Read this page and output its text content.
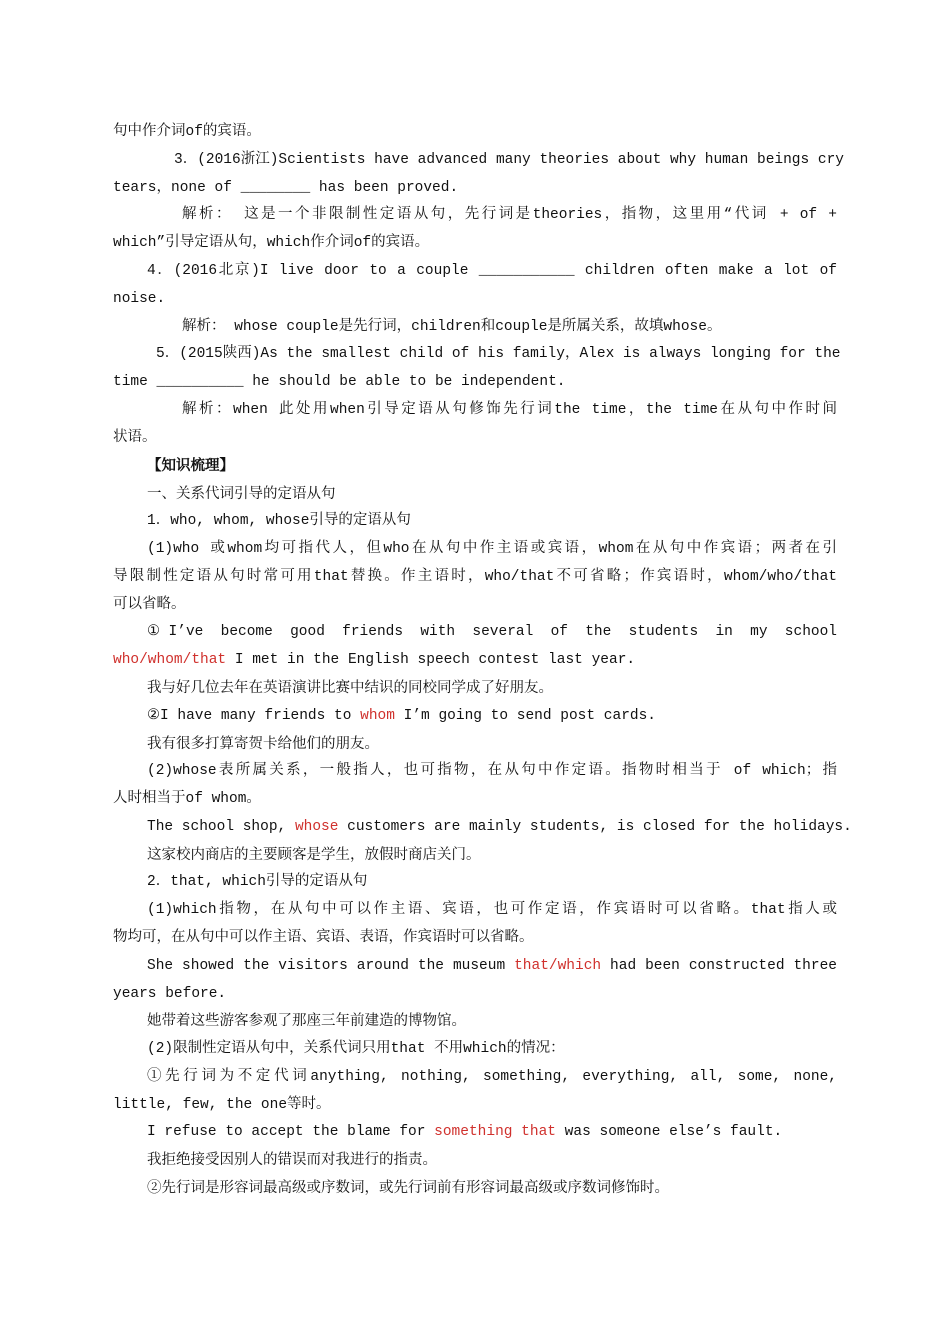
句中作介词of的宾语。
3．(2016浙江)Scientists have advanced many theories about why human beings cry
tears，none of ________ has been proved.
解析： 这是一个非限制性定语从句，先行词是theories，指物，这里用“代词 + of +
which”引导定语从句，which作介词of的宾语。
4．(2016北京)I live door to a couple ___________ children often make a lot of
noise.
解析： whose couple是先行词，children和couple是所属关系，故填whose。
5．(2015陕西)As the smallest child of his family，Alex is always longing for the
time __________ he should be able to be independent.
解析：when 此处用when引导定语从句修饰先行词the time，the time在从句中作时间
状语。
【知识梳理】
一、关系代词引导的定语从句
1．who, whom, whose引导的定语从句
(1)who 或whom均可指代人，但who在从句中作主语或宾语，whom在从句中作宾语；两者在引
导限制性定语从句时常可用that替换。作主语时，who/that不可省略；作宾语时，whom/who/that
可以省略。
①I’ve become good friends with several of the students in my school
who/whom/that I met in the English speech contest last year.
我与好几位去年在英语演讲比赛中结识的同校同学成了好朋友。
②I have many friends to whom I’m going to send post cards.
我有很多打算寄贺卡给他们的朋友。
(2)whose表所属关系，一般指人，也可指物，在从句中作定语。指物时相当于 of which；指
人时相当于of whom。
The school shop, whose customers are mainly students, is closed for the holidays.
这家校内商店的主要顾客是学生，放假时商店关门。
2．that, which引导的定语从句
(1)which指物，在从句中可以作主语、宾语，也可作定语，作宾语时可以省略。that指人或
物均可，在从句中可以作主语、宾语、表语，作宾语时可以省略。
She showed the visitors around the museum that/which had been constructed three
years before.
她带着这些游客参观了那座三年前建造的博物馆。
(2)限制性定语从句中，关系代词只用that 不用which的情况：
①先行词为不定代词anything, nothing, something, everything, all, some, none,
little, few, the one等时。
I refuse to accept the blame for something that was someone else’s fault.
我拒绝接受因别人的错误而对我进行的指责。
②先行词是形容词最高级或序数词，或先行词前有形容词最高级或序数词修饰时。
